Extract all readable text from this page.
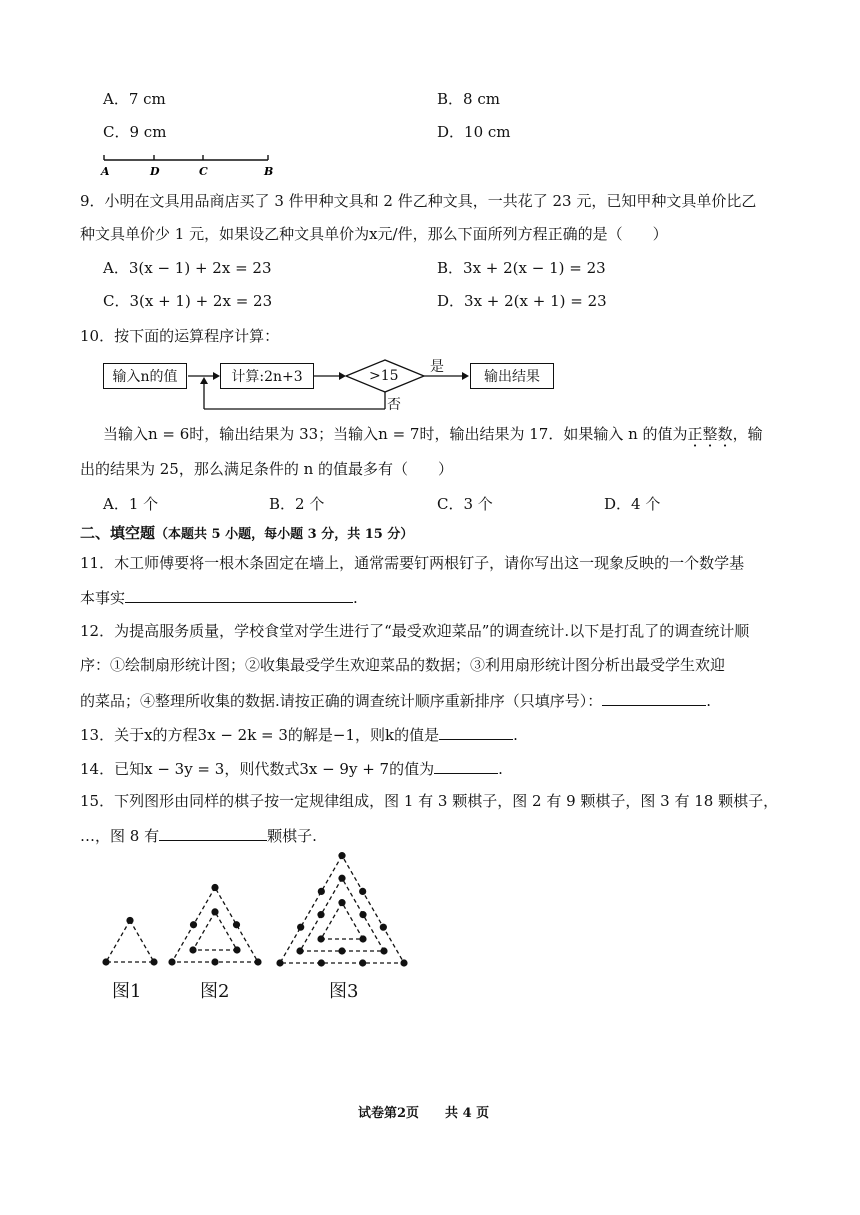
A．7 cm	B．8 cm
C．9 cm	D．10 cm
A	D	C	B
9．小明在文具用品商店买了 3 件甲种文具和 2 件乙种文具，一共花了 23 元，已知甲种文具单价比乙
种文具单价少 1 元，如果设乙种文具单价为x元/件，那么下面所列方程正确的是（　　）
A．3(x − 1) + 2x = 23	B．3x + 2(x − 1) = 23
C．3(x + 1) + 2x = 23	D．3x + 2(x + 1) = 23
10．按下面的运算程序计算：
输入n的值	计算:2n+3	>15
是
否
输出结果
当输入n = 6时，输出结果为 33；当输入n = 7时，输出结果为 17．如果输入 n 的值为正整数，输
出的结果为 25，那么满足条件的 n 的值最多有（　　）
A．1 个	B．2 个	C．3 个	D．4 个
二、填空题（本题共 5 小题，每小题 3 分，共 15 分）
11．木工师傅要将一根木条固定在墙上，通常需要钉两根钉子，请你写出这一现象反映的一个数学基
本事实	.
12．为提高服务质量，学校食堂对学生进行了“最受欢迎菜品”的调查统计.以下是打乱了的调查统计顺
序：①绘制扇形统计图；②收集最受学生欢迎菜品的数据；③利用扇形统计图分析出最受学生欢迎
的菜品；④整理所收集的数据.请按正确的调查统计顺序重新排序（只填序号）：	.
13．关于x的方程3x − 2k = 3的解是−1，则k的值是	.
14．已知x − 3y = 3，则代数式3x − 9y + 7的值为	.
15．下列图形由同样的棋子按一定规律组成，图 1 有 3 颗棋子，图 2 有 9 颗棋子，图 3 有 18 颗棋子，
…，图 8 有	颗棋子.
图1	图2	图3
试卷第2页　　共 4 页
